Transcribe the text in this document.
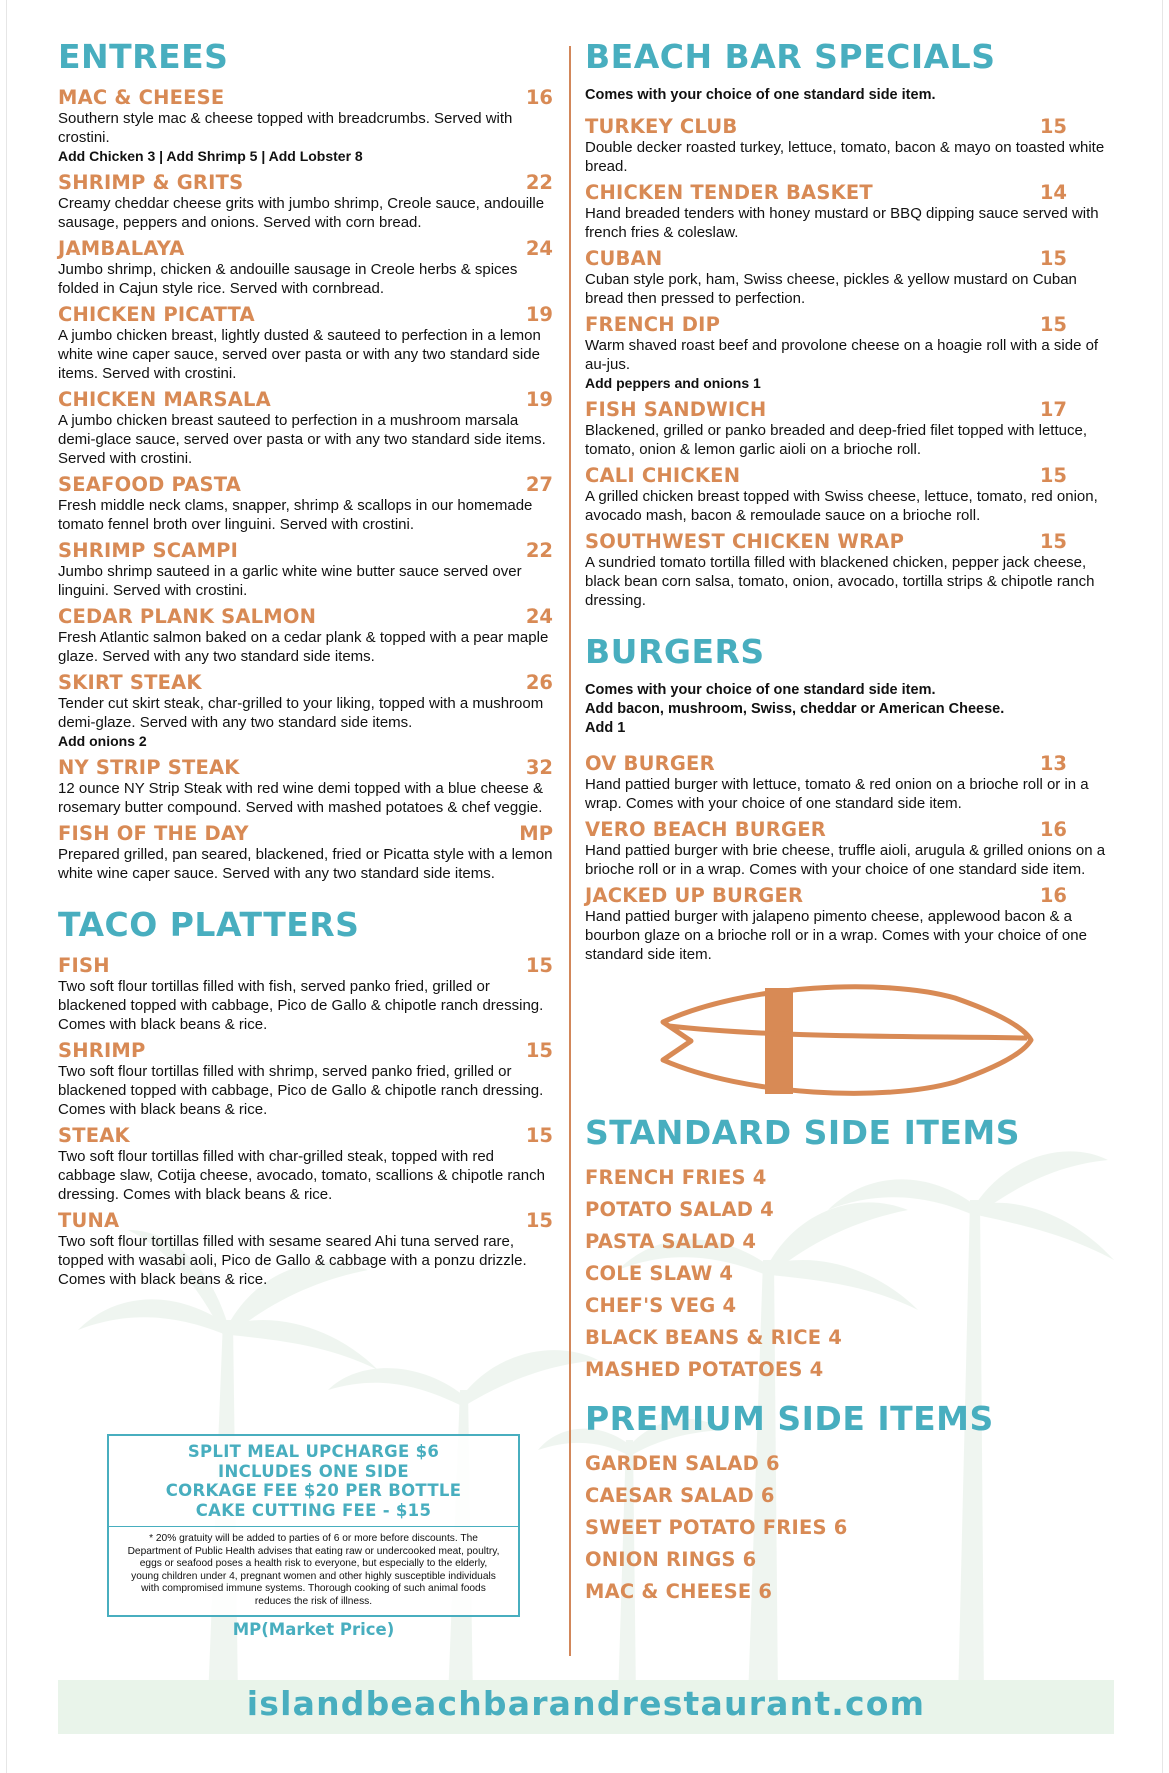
ENTREES
MAC & CHEESE	16
Southern style mac & cheese topped with breadcrumbs. Served with crostini.
Add Chicken 3 | Add Shrimp 5 | Add Lobster 8
SHRIMP & GRITS	22
Creamy cheddar cheese grits with jumbo shrimp, Creole sauce, andouille sausage, peppers and onions. Served with corn bread.
JAMBALAYA	24
Jumbo shrimp, chicken & andouille sausage in Creole herbs & spices folded in Cajun style rice. Served with cornbread.
CHICKEN PICATTA	19
A jumbo chicken breast, lightly dusted & sauteed to perfection in a lemon white wine caper sauce, served over pasta or with any two standard side items. Served with crostini.
CHICKEN MARSALA	19
A jumbo chicken breast sauteed to perfection in a mushroom marsala demi-glace sauce, served over pasta or with any two standard side items. Served with crostini.
SEAFOOD PASTA	27
Fresh middle neck clams, snapper, shrimp & scallops in our homemade tomato fennel broth over linguini. Served with crostini.
SHRIMP SCAMPI	22
Jumbo shrimp sauteed in a garlic white wine butter sauce served over linguini. Served with crostini.
CEDAR PLANK SALMON	24
Fresh Atlantic salmon baked on a cedar plank & topped with a pear maple glaze. Served with any two standard side items.
SKIRT STEAK	26
Tender cut skirt steak, char-grilled to your liking, topped with a mushroom demi-glaze. Served with any two standard side items.
Add onions 2
NY STRIP STEAK	32
12 ounce NY Strip Steak with red wine demi topped with a blue cheese & rosemary butter compound. Served with mashed potatoes & chef veggie.
FISH OF THE DAY	MP
Prepared grilled, pan seared, blackened, fried or Picatta style with a lemon white wine caper sauce. Served with any two standard side items.
TACO PLATTERS
FISH	15
Two soft flour tortillas filled with fish, served panko fried, grilled or blackened topped with cabbage, Pico de Gallo & chipotle ranch dressing. Comes with black beans & rice.
SHRIMP	15
Two soft flour tortillas filled with shrimp, served panko fried, grilled or blackened topped with cabbage, Pico de Gallo & chipotle ranch dressing. Comes with black beans & rice.
STEAK	15
Two soft flour tortillas filled with char-grilled steak, topped with red cabbage slaw, Cotija cheese, avocado, tomato, scallions & chipotle ranch dressing. Comes with black beans & rice.
TUNA	15
Two soft flour tortillas filled with sesame seared Ahi tuna served rare, topped with wasabi aoli, Pico de Gallo & cabbage with a ponzu drizzle. Comes with black beans & rice.
SPLIT MEAL UPCHARGE $6
INCLUDES ONE SIDE
CORKAGE FEE $20 PER BOTTLE
CAKE CUTTING FEE - $15
* 20% gratuity will be added to parties of 6 or more before discounts. The Department of Public Health advises that eating raw or undercooked meat, poultry, eggs or seafood poses a health risk to everyone, but especially to the elderly, young children under 4, pregnant women and other highly susceptible individuals with compromised immune systems. Thorough cooking of such animal foods reduces the risk of illness.
MP(Market Price)
BEACH BAR SPECIALS
Comes with your choice of one standard side item.
TURKEY CLUB	15
Double decker roasted turkey, lettuce, tomato, bacon & mayo on toasted white bread.
CHICKEN TENDER BASKET	14
Hand breaded tenders with honey mustard or BBQ dipping sauce served with french fries & coleslaw.
CUBAN	15
Cuban style pork, ham, Swiss cheese, pickles & yellow mustard on Cuban bread then pressed to perfection.
FRENCH DIP	15
Warm shaved roast beef and provolone cheese on a hoagie roll with a side of au-jus.
Add peppers and onions 1
FISH SANDWICH	17
Blackened, grilled or panko breaded and deep-fried filet topped with lettuce, tomato, onion & lemon garlic aioli on a brioche roll.
CALI CHICKEN	15
A grilled chicken breast topped with Swiss cheese, lettuce, tomato, red onion, avocado mash, bacon & remoulade sauce on a brioche roll.
SOUTHWEST CHICKEN WRAP	15
A sundried tomato tortilla filled with blackened chicken, pepper jack cheese, black bean corn salsa, tomato, onion, avocado, tortilla strips & chipotle ranch dressing.
BURGERS
Comes with your choice of one standard side item.
Add bacon, mushroom, Swiss, cheddar or American Cheese.
Add 1
OV BURGER	13
Hand pattied burger with lettuce, tomato & red onion on a brioche roll or in a wrap. Comes with your choice of one standard side item.
VERO BEACH BURGER	16
Hand pattied burger with brie cheese, truffle aioli, arugula & grilled onions on a brioche roll or in a wrap. Comes with your choice of one standard side item.
JACKED UP BURGER	16
Hand pattied burger with jalapeno pimento cheese, applewood bacon & a bourbon glaze on a brioche roll or in a wrap. Comes with your choice of one standard side item.
STANDARD SIDE ITEMS
FRENCH FRIES 4
POTATO SALAD 4
PASTA SALAD 4
COLE SLAW 4
CHEF'S VEG 4
BLACK BEANS & RICE 4
MASHED POTATOES 4
PREMIUM SIDE ITEMS
GARDEN SALAD 6
CAESAR SALAD 6
SWEET POTATO FRIES 6
ONION RINGS 6
MAC & CHEESE 6
islandbeachbarandrestaurant.com
